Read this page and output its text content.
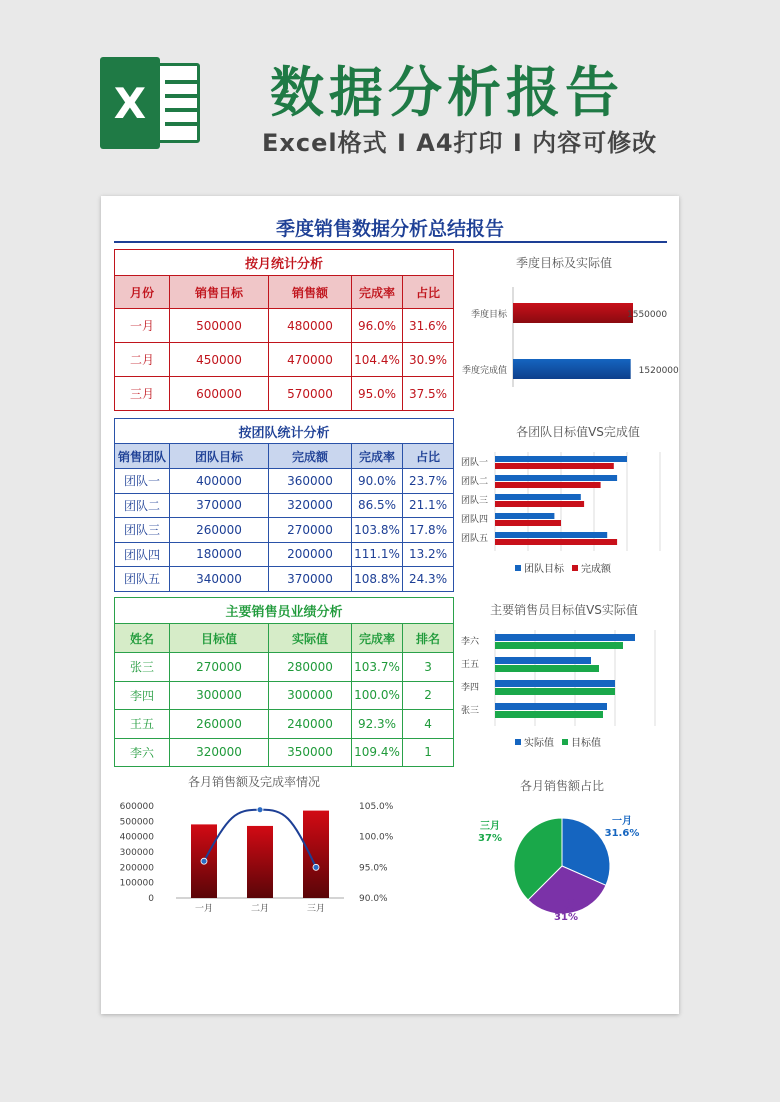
X 数据分析报告
Excel格式 Ⅰ A4打印 Ⅰ 内容可修改
季度销售数据分析总结报告
按月统计分析				
月份	销售目标	销售额	完成率	占比
一月	500000	480000	96.0%	31.6%
二月	450000	470000	104.4%	30.9%
三月	600000	570000	95.0%	37.5%
按团队统计分析				
销售团队	团队目标	完成额	完成率	占比
团队一	400000	360000	90.0%	23.7%
团队二	370000	320000	86.5%	21.1%
团队三	260000	270000	103.8%	17.8%
团队四	180000	200000	111.1%	13.2%
团队五	340000	370000	108.8%	24.3%
主要销售员业绩分析				
姓名	目标值	实际值	完成率	排名
张三	270000	280000	103.7%	3
李四	300000	300000	100.0%	2
王五	260000	240000	92.3%	4
李六	320000	350000	109.4%	1
季度目标及实际值
季度目标	1550000
季度完成值	1520000
各团队目标值VS完成值
团队一
团队二
团队三
团队四
团队五
团队目标 完成额
主要销售员目标值VS实际值
李六
王五
李四
张三
实际值 目标值
各月销售额及完成率情况
0
100000
200000
300000
400000
500000
600000
90.0%
95.0%
100.0%
105.0%
一月	二月	三月
各月销售额占比
一月
31.6%
二月
31%
三月
37%
